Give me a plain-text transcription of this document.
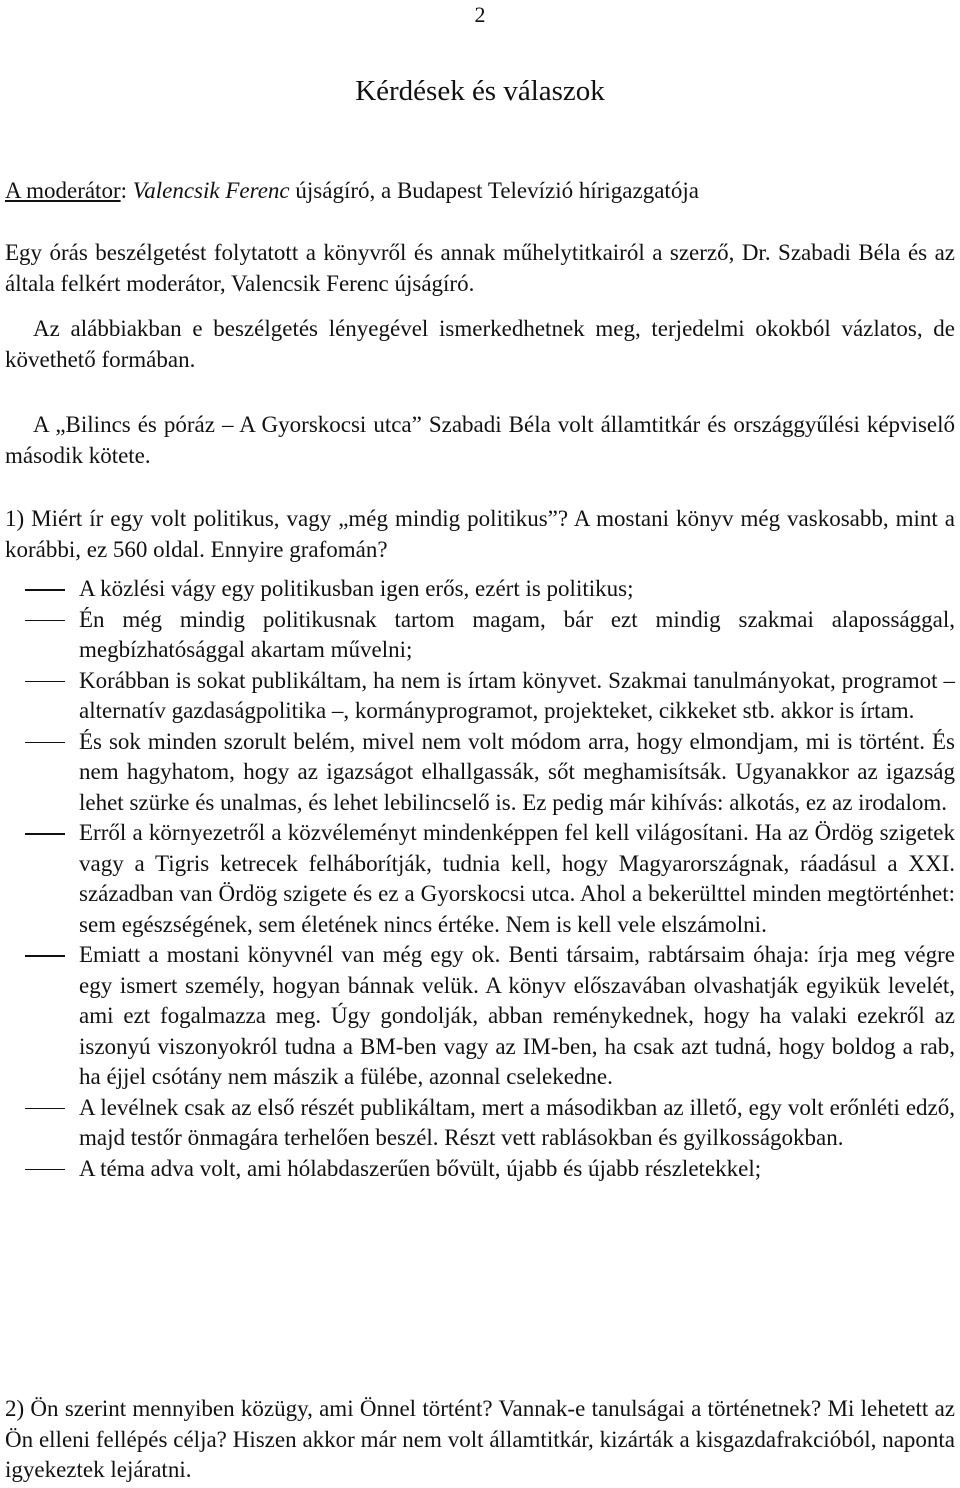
2
Kérdések és válaszok
A moderátor: Valencsik Ferenc újságíró, a Budapest Televízió hírigazgatója
Egy órás beszélgetést folytatott a könyvről és annak műhelytitkairól a szerző, Dr. Szabadi Béla és az általa felkért moderátor, Valencsik Ferenc újságíró.
Az alábbiakban e beszélgetés lényegével ismerkedhetnek meg, terjedelmi okokból vázlatos, de követhető formában.
A „Bilincs és póráz – A Gyorskocsi utca” Szabadi Béla volt államtitkár és országgyűlési képviselő második kötete.
1) Miért ír egy volt politikus, vagy „még mindig politikus”? A mostani könyv még vaskosabb, mint a korábbi, ez 560 oldal. Ennyire grafomán?
A közlési vágy egy politikusban igen erős, ezért is politikus;
Én még mindig politikusnak tartom magam, bár ezt mindig szakmai alapossággal, megbízhatósággal akartam művelni;
Korábban is sokat publikáltam, ha nem is írtam könyvet. Szakmai tanulmányokat, programot – alternatív gazdaságpolitika –, kormányprogramot, projekteket, cikkeket stb. akkor is írtam.
És sok minden szorult belém, mivel nem volt módom arra, hogy elmondjam, mi is történt. És nem hagyhatom, hogy az igazságot elhallgassák, sőt meghamisítsák. Ugyanakkor az igazság lehet szürke és unalmas, és lehet lebilincselő is. Ez pedig már kihívás: alkotás, ez az irodalom.
Erről a környezetről a közvéleményt mindenképpen fel kell világosítani. Ha az Ördög szigetek vagy a Tigris ketrecek felháborítják, tudnia kell, hogy Magyarországnak, ráadásul a XXI. században van Ördög szigete és ez a Gyorskocsi utca. Ahol a bekerülttel minden megtörténhet: sem egészségének, sem életének nincs értéke. Nem is kell vele elszámolni.
Emiatt a mostani könyvnél van még egy ok. Benti társaim, rabtársaim óhaja: írja meg végre egy ismert személy, hogyan bánnak velük. A könyv előszavában olvashatják egyikük levelét, ami ezt fogalmazza meg. Úgy gondolják, abban reménykednek, hogy ha valaki ezekről az iszonyú viszonyokról tudna a BM-ben vagy az IM-ben, ha csak azt tudná, hogy boldog a rab, ha éjjel csótány nem mászik a fülébe, azonnal cselekedne.
A levélnek csak az első részét publikáltam, mert a másodikban az illető, egy volt erőnléti edző, majd testőr önmagára terhelően beszél. Részt vett rablásokban és gyilkosságokban.
A téma adva volt, ami hólabdaszerűen bővült, újabb és újabb részletekkel;
2) Ön szerint mennyiben közügy, ami Önnel történt? Vannak-e tanulságai a történetnek? Mi lehetett az Ön elleni fellépés célja? Hiszen akkor már nem volt államtitkár, kizárták a kisgazdafrakcióból, naponta igyekeztek lejáratni.
